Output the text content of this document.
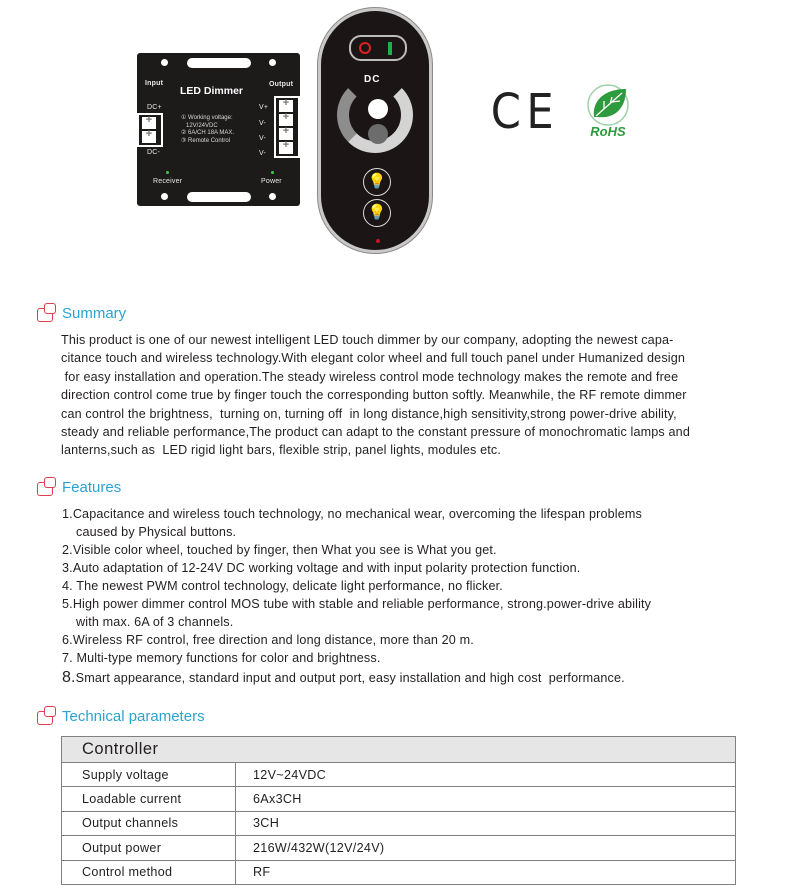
Input	Output
LED Dimmer
DC+
+
+
DC-
① Working voltage:
12V/24VDC
② 6A/CH 18A MAX.
③ Remote Control
V+
V-
V-
V-
+
+
+
+
Receiver	Power
DC
💡
💡
CE RoHS
Summary
This product is one of our newest intelligent LED touch dimmer by our company, adopting the newest capa-
citance touch and wireless technology.With elegant color wheel and full touch panel under Humanized design
for easy installation and operation.The steady wireless control mode technology makes the remote and free
direction control come true by finger touch the corresponding button softly. Meanwhile, the RF remote dimmer
can control the brightness,  turning on, turning off  in long distance,high sensitivity,strong power-drive ability,
steady and reliable performance,The product can adapt to the constant pressure of monochromatic lamps and
lanterns,such as  LED rigid light bars, flexible strip, panel lights, modules etc.
Features
1.Capacitance and wireless touch technology, no mechanical wear, overcoming the lifespan problems
caused by Physical buttons.
2.Visible color wheel, touched by finger, then What you see is What you get.
3.Auto adaptation of 12-24V DC working voltage and with input polarity protection function.
4. The newest PWM control technology, delicate light performance, no flicker.
5.High power dimmer control MOS tube with stable and reliable performance, strong.power-drive ability
with max. 6A of 3 channels.
6.Wireless RF control, free direction and long distance, more than 20 m.
7. Multi-type memory functions for color and brightness.
8.Smart appearance, standard input and output port, easy installation and high cost  performance.
Technical parameters
Controller	
Supply voltage	12V~24VDC
Loadable current	6Ax3CH
Output channels	3CH
Output power	216W/432W(12V/24V)
Control method	RF
